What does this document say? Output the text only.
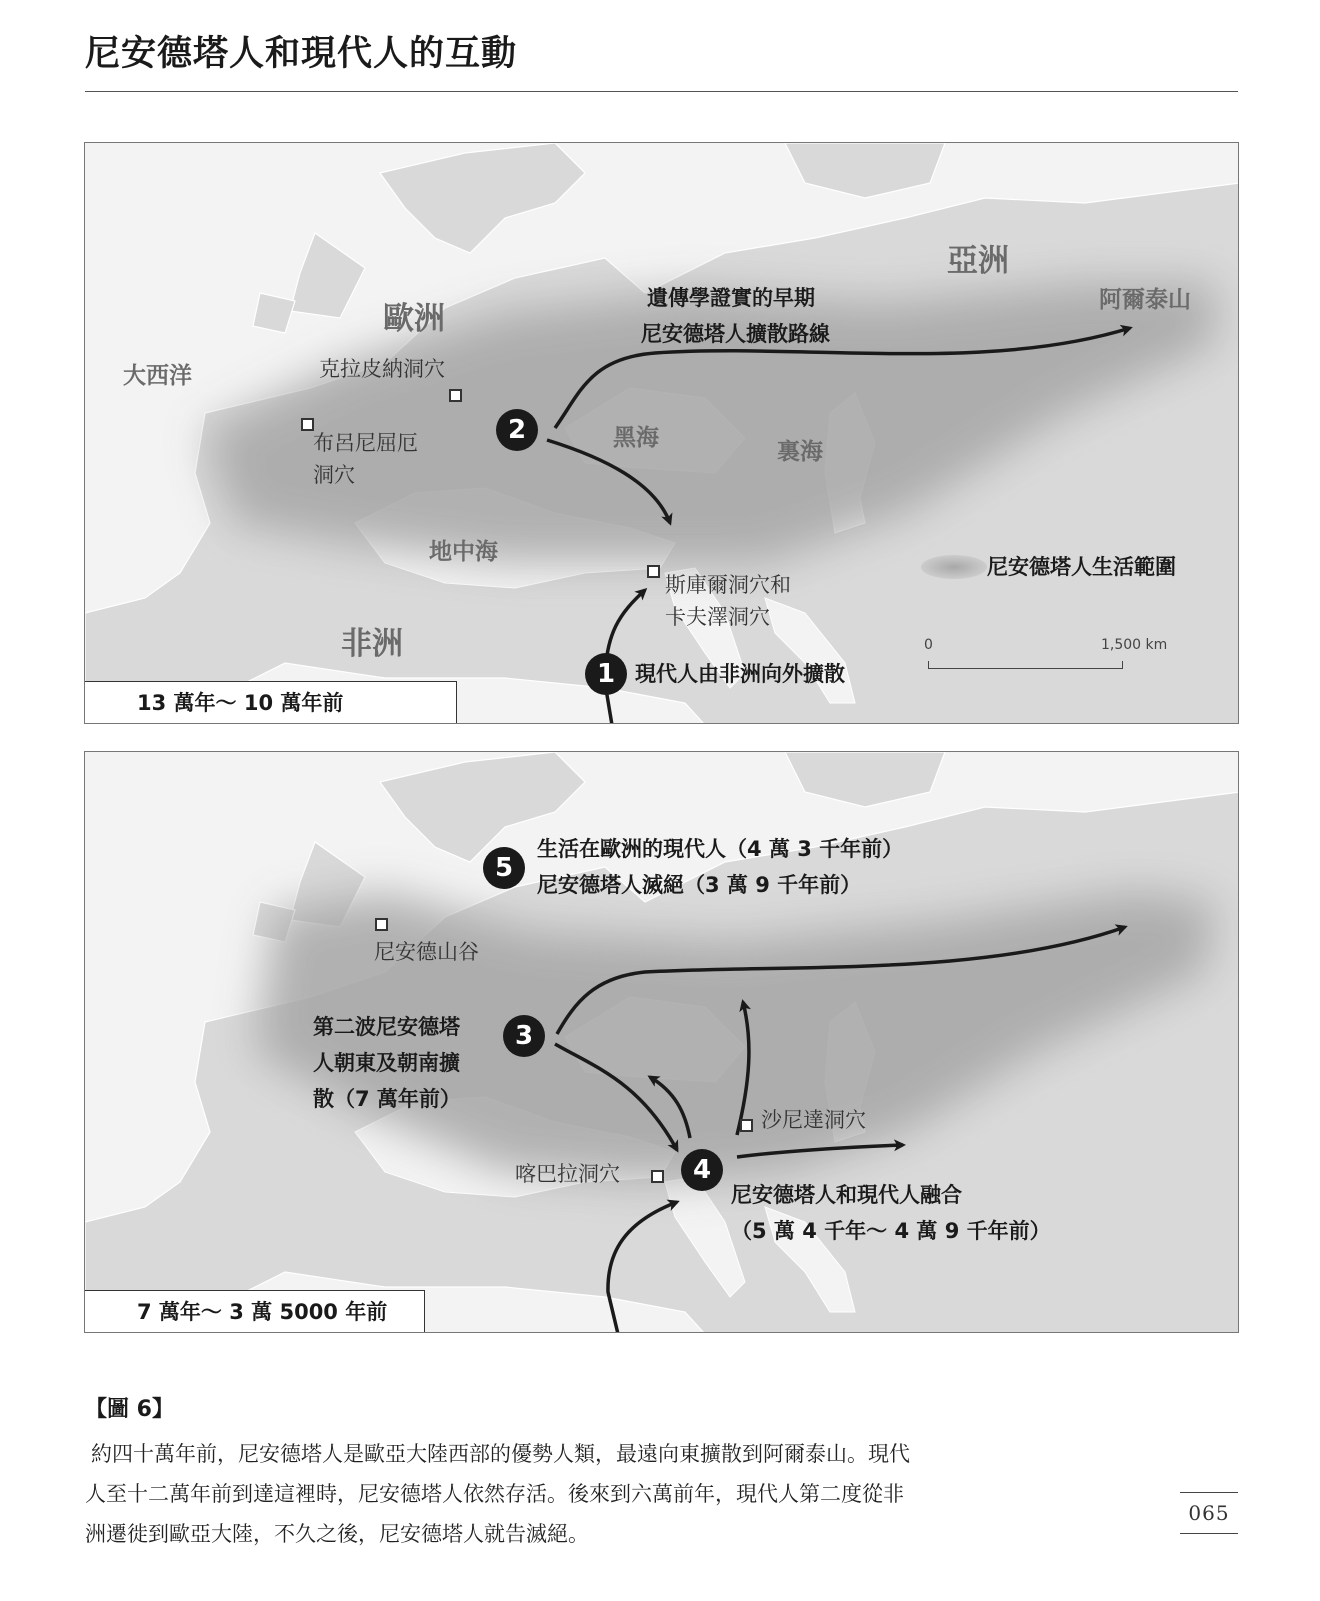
尼安德塔人和現代人的互動
歐洲
亞洲
非洲
大西洋
黑海
裏海
地中海
阿爾泰山
克拉皮納洞穴
布呂尼屈厄
洞穴
斯庫爾洞穴和
卡夫澤洞穴
遺傳學證實的早期
尼安德塔人擴散路線
2
1 現代人由非洲向外擴散
尼安德塔人生活範圍
0	1,500 km
13 萬年～ 10 萬年前
尼安德山谷
沙尼達洞穴
喀巴拉洞穴
5
生活在歐洲的現代人（4 萬 3 千年前）
尼安德塔人滅絕（3 萬 9 千年前）
第二波尼安德塔
人朝東及朝南擴
散（7 萬年前）
3
4
尼安德塔人和現代人融合
（5 萬 4 千年～ 4 萬 9 千年前）
7 萬年～ 3 萬 5000 年前
【圖 6】
約四十萬年前，尼安德塔人是歐亞大陸西部的優勢人類，最遠向東擴散到阿爾泰山。現代
人至十二萬年前到達這裡時，尼安德塔人依然存活。後來到六萬前年，現代人第二度從非
洲遷徙到歐亞大陸，不久之後，尼安德塔人就告滅絕。
065
